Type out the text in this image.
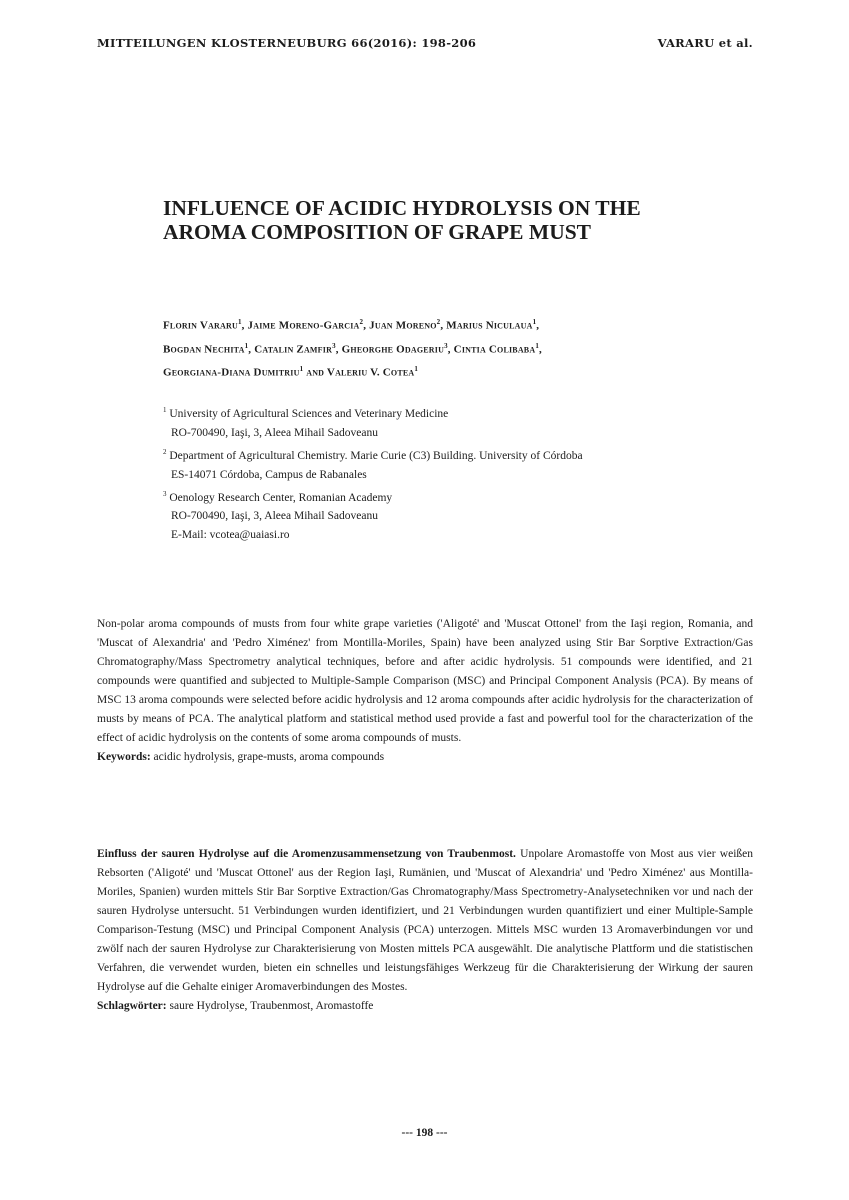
MITTEILUNGEN KLOSTERNEUBURG 66(2016): 198-206	VARARU et al.
INFLUENCE OF ACIDIC HYDROLYSIS ON THE
AROMA COMPOSITION OF GRAPE MUST

Florin Vararu$^1$, Jaime Moreno-Garcia$^2$, Juan Moreno$^2$, Marius Niculaua$^1$,
Bogdan Nechita$^1$, Catalin Zamfir$^3$, Gheorghe Odageriu$^3$, Cintia Colibaba$^1$,
Georgiana-Diana Dumitriu$^1$ and Valeriu V. Cotea$^1$

$^1$ University of Agricultural Sciences and Veterinary Medicine
RO-700490, Iaşi, 3, Aleea Mihail Sadoveanu
$^2$ Department of Agricultural Chemistry. Marie Curie (C3) Building. University of Córdoba
ES-14071 Córdoba, Campus de Rabanales
$^3$ Oenology Research Center, Romanian Academy
RO-700490, Iaşi, 3, Aleea Mihail Sadoveanu
E-Mail: vcotea@uaiasi.ro

Non-polar aroma compounds of musts from four white grape varieties ('Aligoté' and 'Muscat Ottonel' from the Iaşi region, Romania, and 'Muscat of Alexandria' and 'Pedro Ximénez' from Montilla-Moriles, Spain) have been analyzed using Stir Bar Sorptive Extraction/Gas Chromatography/Mass Spectrometry analytical techniques, before and after acidic hydrolysis. 51 compounds were identified, and 21 compounds were quantified and subjected to Multiple-Sample Comparison (MSC) and Principal Component Analysis (PCA). By means of MSC 13 aroma compounds were selected before acidic hydrolysis and 12 aroma compounds after acidic hydrolysis for the characterization of musts by means of PCA. The analytical platform and statistical method used provide a fast and powerful tool for the characterization of the effect of acidic hydrolysis on the contents of some aroma compounds of musts.
Keywords: acidic hydrolysis, grape-musts, aroma compounds

Einfluss der sauren Hydrolyse auf die Aromenzusammensetzung von Traubenmost. Unpolare Aromastoffe von Most aus vier weißen Rebsorten ('Aligoté' und 'Muscat Ottonel' aus der Region Iaşi, Rumänien, und 'Muscat of Alexandria' und 'Pedro Ximénez' aus Montilla-Moriles, Spanien) wurden mittels Stir Bar Sorptive Extraction/Gas Chromatography/Mass Spectrometry-Analysetechniken vor und nach der sauren Hydrolyse untersucht. 51 Verbindungen wurden identifiziert, und 21 Verbindungen wurden quantifiziert und einer Multiple-Sample Comparison-Testung (MSC) und Principal Component Analysis (PCA) unterzogen. Mittels MSC wurden 13 Aromaverbindungen vor und zwölf nach der sauren Hydrolyse zur Charakterisierung von Mosten mittels PCA ausgewählt. Die analytische Plattform und die statistischen Verfahren, die verwendet wurden, bieten ein schnelles und leistungsfähiges Werkzeug für die Charakterisierung der Wirkung der sauren Hydrolyse auf die Gehalte einiger Aromaverbindungen des Mostes.
Schlagwörter: saure Hydrolyse, Traubenmost, Aromastoffe

--- 198 ---
